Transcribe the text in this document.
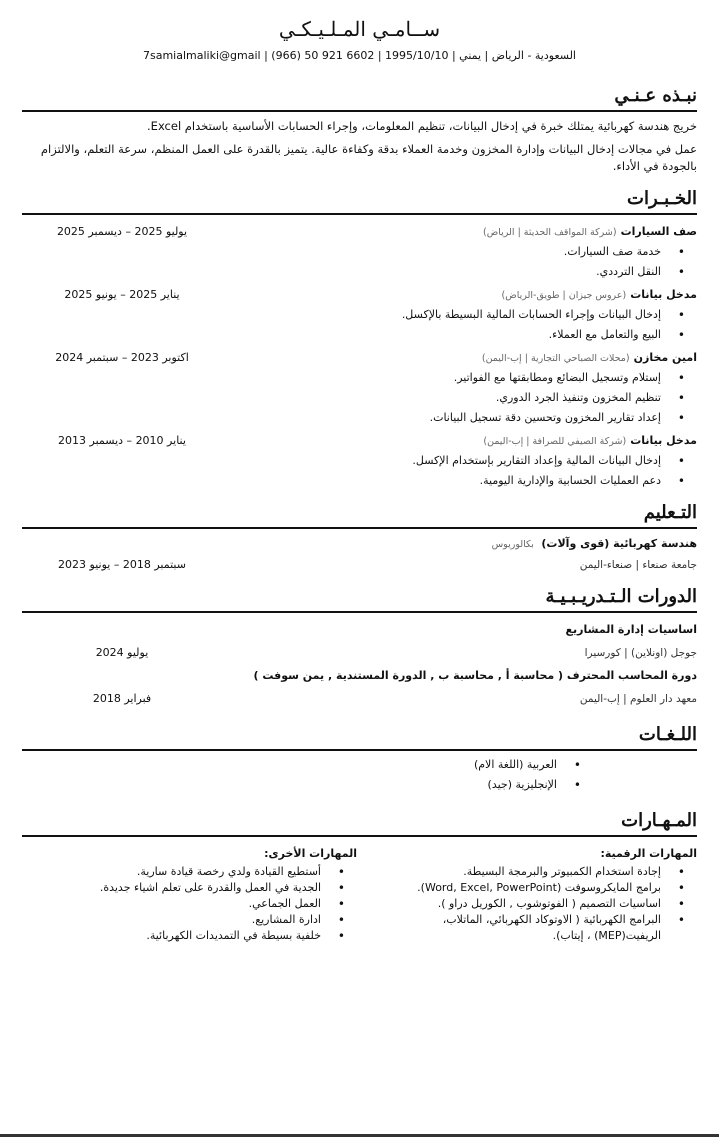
ســامـي المـلـيـكـي
7samialmaliki@gmail | (966) 50 921 6602 | السعودية - الرياض | يمني | 1995/10/10
نبـذه عـنـي
خريج هندسة كهربائية يمتلك خبرة في إدخال البيانات، تنظيم المعلومات، وإجراء الحسابات الأساسية باستخدام Excel.
عمل في مجالات إدخال البيانات وإدارة المخزون وخدمة العملاء بدقة وكفاءة عالية. يتميز بالقدرة على العمل المنظم، سرعة التعلم، والالتزام بالجودة في الأداء.
الخـبـرات
صف السيارات(شركة المواقف الحديثة | الرياض)
يوليو 2025 – ديسمبر 2025
• خدمة صف السيارات.
• النقل الترددي.
مدخل بيانات(عروس جيزان | طويق-الرياض)
يناير 2025 – يونيو 2025
• إدخال البيانات وإجراء الحسابات المالية البسيطة بالإكسل.
• البيع والتعامل مع العملاء.
امين مخازن(محلات الصباحي التجارية | إب-اليمن)
اكتوبر 2023 – سبتمبر 2024
• إستلام وتسجيل البضائع ومطابقتها مع الفواتير.
• تنظيم المخزون وتنفيذ الجرد الدوري.
• إعداد تقارير المخزون وتحسين دقة تسجيل البيانات.
مدخل بيانات(شركة الصيفي للصرافة | إب-اليمن)
يناير 2010 – ديسمبر 2013
• إدخال البيانات المالية وإعداد التقارير بإستخدام الإكسل.
• دعم العمليات الحسابية والإدارية اليومية.
التـعليم
هندسة كهربائية (قوى وآلات) بكالوريوس
جامعة صنعاء | صنعاء-اليمن
سبتمبر 2018 – يونيو 2023
الدورات الـتـدريـبـيـة
اساسيات إدارة المشاريع
جوجل (اونلاين) | كورسيرا
يوليو 2024
دورة المحاسب المحترف ( محاسبة أ , محاسبة ب , الدورة المستندية , يمن سوفت )
معهد دار العلوم | إب-اليمن
فبراير 2018
اللـغـات
• العربية (اللغة الام)
• الإنجليزية (جيد)
المـهـارات
المهارات الرقمية:
• إجادة استخدام الكمبيوتر والبرمجة البسيطة.
• برامج المايكروسوفت (Word, Excel, PowerPoint).
• اساسيات التصميم ( الفوتوشوب , الكوريل دراو ).
• البرامج الكهربائية ( الاوتوكاد الكهربائي، الماتلاب، الريفيت(MEP) ، إيتاب).
المهارات الأخرى:
• أستطيع القيادة ولدي رخصة قيادة سارية.
• الجدية في العمل والقدرة على تعلم اشياء جديدة.
• العمل الجماعي.
• ادارة المشاريع.
• خلفية بسيطة في التمديدات الكهربائية.
